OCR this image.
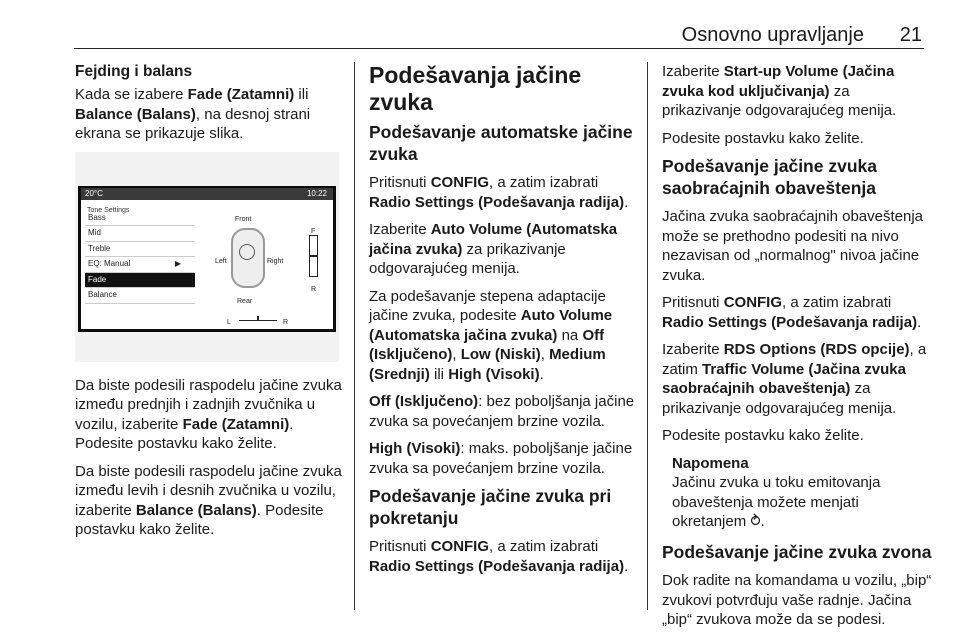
Osnovno upravljanje	21
Fejding i balans

Kada se izabere Fade (Zatamni) ili Balance (Balans), na desnoj strani ekrana se prikazuje slika.

20°C	10:22
Tone Settings
Bass
Mid
Treble
EQ: Manual	▶
Fade
Balance
Front
Rear
Left	Right
F
R
L	R

Da biste podesili raspodelu jačine zvuka između prednjih i zadnjih zvučnika u vozilu, izaberite Fade (Zatamni). Podesite postavku kako želite.

Da biste podesili raspodelu jačine zvuka između levih i desnih zvučnika u vozilu, izaberite Balance (Balans). Podesite postavku kako želite.

Podešavanja jačine zvuka
Podešavanje automatske jačine zvuka

Pritisnuti CONFIG, a zatim izabrati Radio Settings (Podešavanja radija).

Izaberite Auto Volume (Automatska jačina zvuka) za prikazivanje odgovarajućeg menija.

Za podešavanje stepena adaptacije jačine zvuka, podesite Auto Volume (Automatska jačina zvuka) na Off (Isključeno), Low (Niski), Medium (Srednji) ili High (Visoki).

Off (Isključeno): bez poboljšanja jačine zvuka sa povećanjem brzine vozila.

High (Visoki): maks. poboljšanje jačine zvuka sa povećanjem brzine vozila.

Podešavanje jačine zvuka pri pokretanju

Pritisnuti CONFIG, a zatim izabrati Radio Settings (Podešavanja radija).

Izaberite Start-up Volume (Jačina zvuka kod uključivanja) za prikazivanje odgovarajućeg menija.

Podesite postavku kako želite.

Podešavanje jačine zvuka saobraćajnih obaveštenja

Jačina zvuka saobraćajnih obaveštenja može se prethodno podesiti na nivo nezavisan od „normalnog" nivoa jačine zvuka.

Pritisnuti CONFIG, a zatim izabrati Radio Settings (Podešavanja radija).

Izaberite RDS Options (RDS opcije), a zatim Traffic Volume (Jačina zvuka saobraćajnih obaveštenja) za prikazivanje odgovarajućeg menija.

Podesite postavku kako želite.

Napomena
Jačinu zvuka u toku emitovanja obaveštenja možete menjati okretanjem ⥁.
Podešavanje jačine zvuka zvona

Dok radite na komandama u vozilu, „bip“ zvukovi potvrđuju vaše radnje. Jačina „bip“ zvukova može da se podesi.
